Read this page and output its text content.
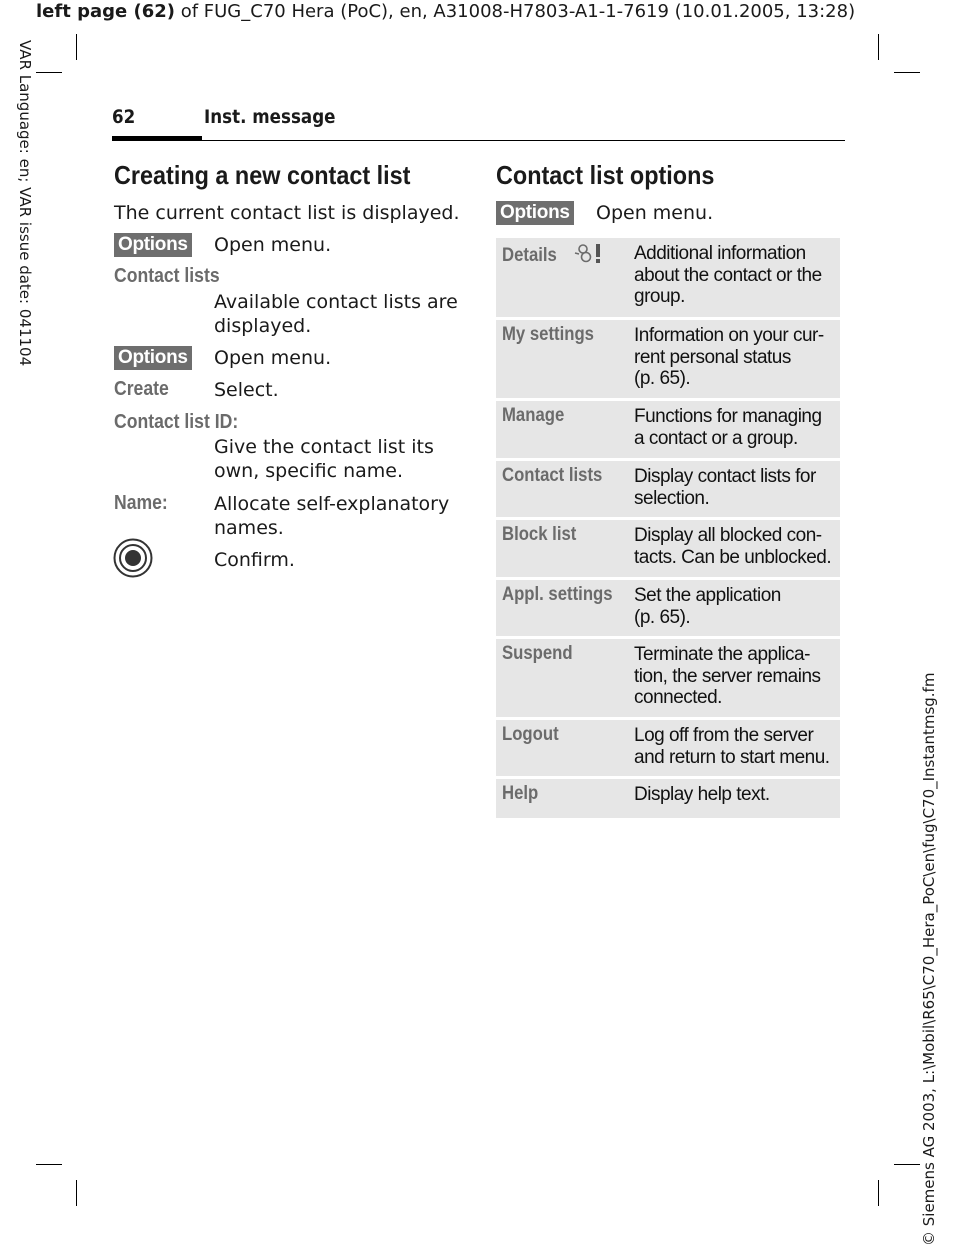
left page (62) of FUG_C70 Hera (PoC), en, A31008-H7803-A1-1-7619 (10.01.2005, 13:28)
VAR Language: en; VAR issue date: 041104
© Siemens AG 2003, L:\Mobil\R65\C70_Hera_PoC\en\fug\C70_Instantmsg.fm
62	Inst. message
Creating a new contact list
The current contact list is displayed.
Options Open menu.
Contact lists
Available contact lists are
displayed.
Options Open menu.
Create Select.
Contact list ID:
Give the contact list its
own, specific name.
Name: Allocate self-explanatory
names.
Confirm.
Contact list options
Options Open menu.
Details	Additional information
about the contact or the
group.
My settings	Information on your cur-
rent personal status
(p. 65).
Manage	Functions for managing
a contact or a group.
Contact lists	Display contact lists for
selection.
Block list	Display all blocked con-
tacts. Can be unblocked.
Appl. settings	Set the application
(p. 65).
Suspend	Terminate the applica-
tion, the server remains
connected.
Logout	Log off from the server
and return to start menu.
Help	Display help text.
